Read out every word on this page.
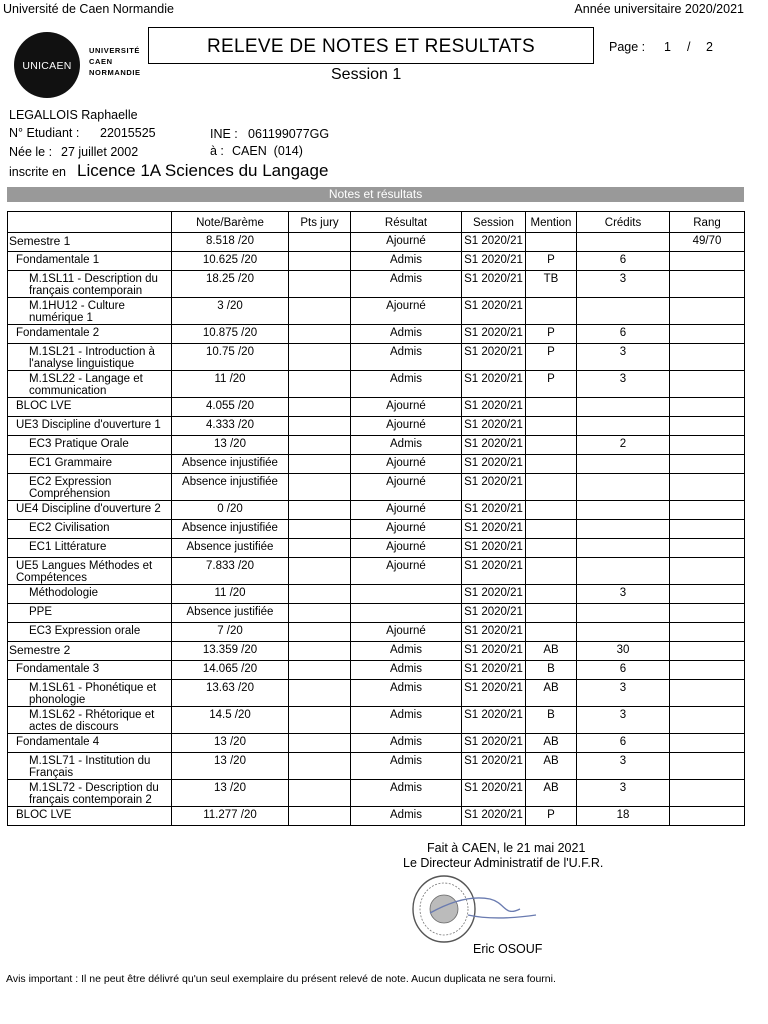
Université de Caen Normandie	Année universitaire 2020/2021
UNICAEN
UNIVERSITÉ
CAEN
NORMANDIE
RELEVE DE NOTES ET RESULTATS
Session 1
Page : 1 / 2
LEGALLOIS Raphaelle
N° Etudiant : 22015525	INE : 061199077GG
Née le : 27 juillet 2002	à : CAEN  (014)
inscrite en Licence 1A Sciences du Langage
Notes et résultats
	Note/Barème	Pts jury	Résultat	Session	Mention	Crédits	Rang
Semestre 1	8.518 /20		Ajourné	S1 2020/21			49/70
Fondamentale 1	10.625 /20		Admis	S1 2020/21	P	6	
M.1SL11 - Description du français contemporain	18.25 /20		Admis	S1 2020/21	TB	3	
M.1HU12 - Culture numérique 1	3 /20		Ajourné	S1 2020/21			
Fondamentale 2	10.875 /20		Admis	S1 2020/21	P	6	
M.1SL21 - Introduction à l'analyse linguistique	10.75 /20		Admis	S1 2020/21	P	3	
M.1SL22 - Langage et communication	11 /20		Admis	S1 2020/21	P	3	
BLOC LVE	4.055 /20		Ajourné	S1 2020/21			
UE3 Discipline d'ouverture 1	4.333 /20		Ajourné	S1 2020/21			
EC3 Pratique Orale	13 /20		Admis	S1 2020/21		2	
EC1 Grammaire	Absence injustifiée		Ajourné	S1 2020/21			
EC2 Expression Compréhension	Absence injustifiée		Ajourné	S1 2020/21			
UE4 Discipline d'ouverture 2	0 /20		Ajourné	S1 2020/21			
EC2 Civilisation	Absence injustifiée		Ajourné	S1 2020/21			
EC1 Littérature	Absence justifiée		Ajourné	S1 2020/21			
UE5 Langues Méthodes et Compétences	7.833 /20		Ajourné	S1 2020/21			
Méthodologie	11 /20			S1 2020/21		3	
PPE	Absence justifiée			S1 2020/21			
EC3 Expression orale	7 /20		Ajourné	S1 2020/21			
Semestre 2	13.359 /20		Admis	S1 2020/21	AB	30	
Fondamentale 3	14.065 /20		Admis	S1 2020/21	B	6	
M.1SL61 - Phonétique et phonologie	13.63 /20		Admis	S1 2020/21	AB	3	
M.1SL62 - Rhétorique et actes de discours	14.5 /20		Admis	S1 2020/21	B	3	
Fondamentale 4	13 /20		Admis	S1 2020/21	AB	6	
M.1SL71 - Institution du Français	13 /20		Admis	S1 2020/21	AB	3	
M.1SL72 - Description du français contemporain 2	13 /20		Admis	S1 2020/21	AB	3	
BLOC LVE	11.277 /20		Admis	S1 2020/21	P	18	
Fait à CAEN, le 21 mai 2021
Le Directeur Administratif de l'U.F.R.
Eric OSOUF
Avis important : Il ne peut être délivré qu'un seul exemplaire du présent relevé de note. Aucun duplicata ne sera fourni.
